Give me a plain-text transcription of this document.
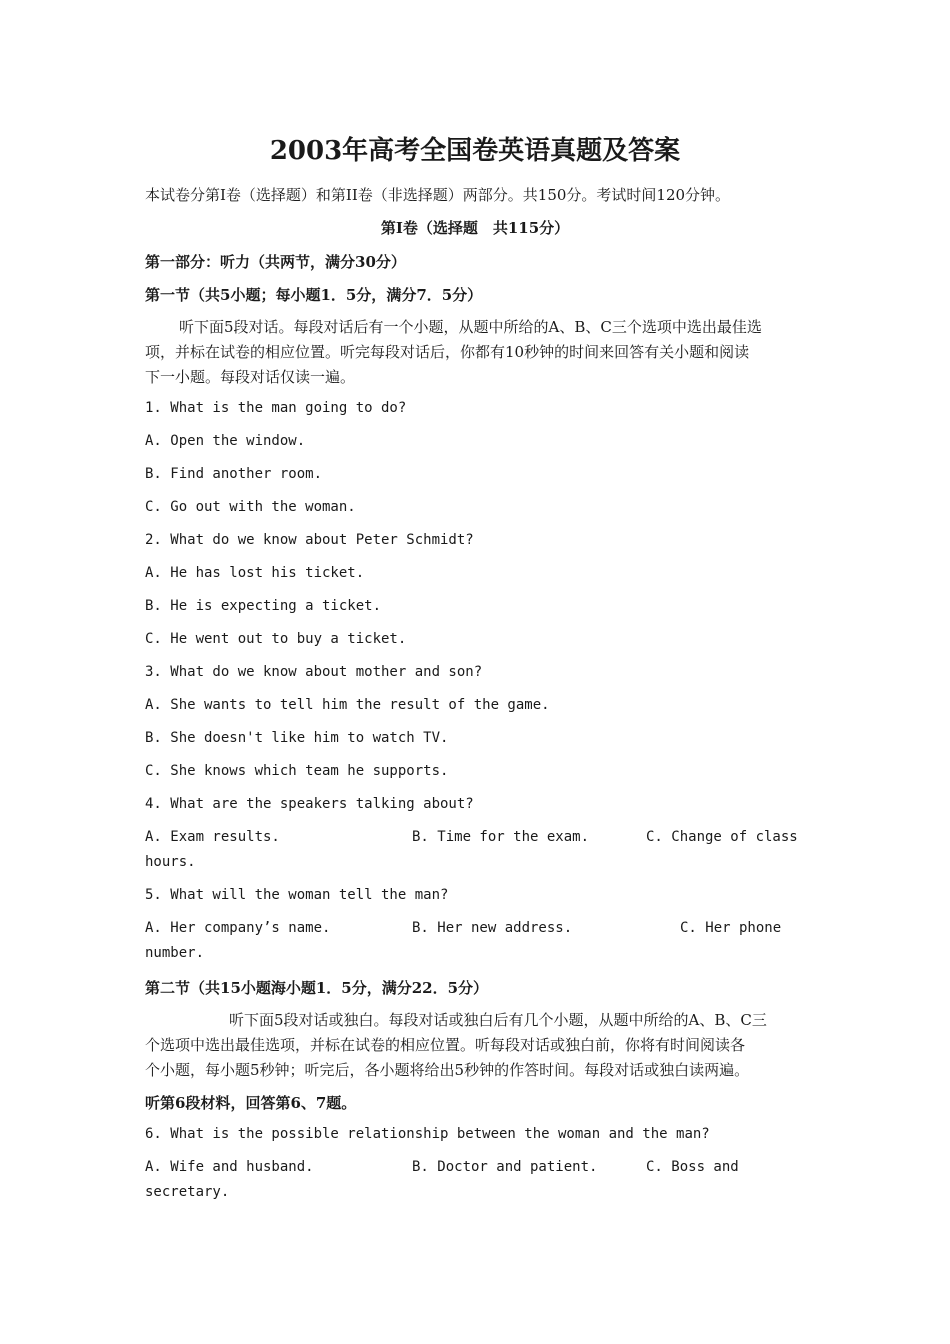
2003年高考全国卷英语真题及答案
本试卷分第I卷（选择题）和第II卷（非选择题）两部分。共150分。考试时间120分钟。
第I卷（选择题　共115分）
第一部分：听力（共两节，满分30分）
第一节（共5小题；每小题1．5分，满分7．5分）
听下面5段对话。每段对话后有一个小题，从题中所给的A、B、C三个选项中选出最佳选
项，并标在试卷的相应位置。听完每段对话后，你都有10秒钟的时间来回答有关小题和阅读
下一小题。每段对话仅读一遍。
1. What is the man going to do?
A. Open the window.
B. Find another room.
C. Go out with the woman.
2. What do we know about Peter Schmidt?
A. He has lost his ticket.
B. He is expecting a ticket.
C. He went out to buy a ticket.
3. What do we know about mother and son?
A. She wants to tell him the result of the game.
B. She doesn't like him to watch TV.
C. She knows which team he supports.
4. What are the speakers talking about?
A. Exam results.	B. Time for the exam.	C. Change of class
hours.
5. What will the woman tell the man?
A. Her company’s name.	B. Her new address.	C. Her phone
number.
第二节（共15小题海小题1．5分，满分22．5分）
听下面5段对话或独白。每段对话或独白后有几个小题，从题中所给的A、B、C三
个选项中选出最佳选项，并标在试卷的相应位置。听每段对话或独白前，你将有时间阅读各
个小题，每小题5秒钟；听完后，各小题将给出5秒钟的作答时间。每段对话或独白读两遍。
听第6段材料，回答第6、7题。
6. What is the possible relationship between the woman and the man?
A. Wife and husband.	B. Doctor and patient.	C. Boss and
secretary.
